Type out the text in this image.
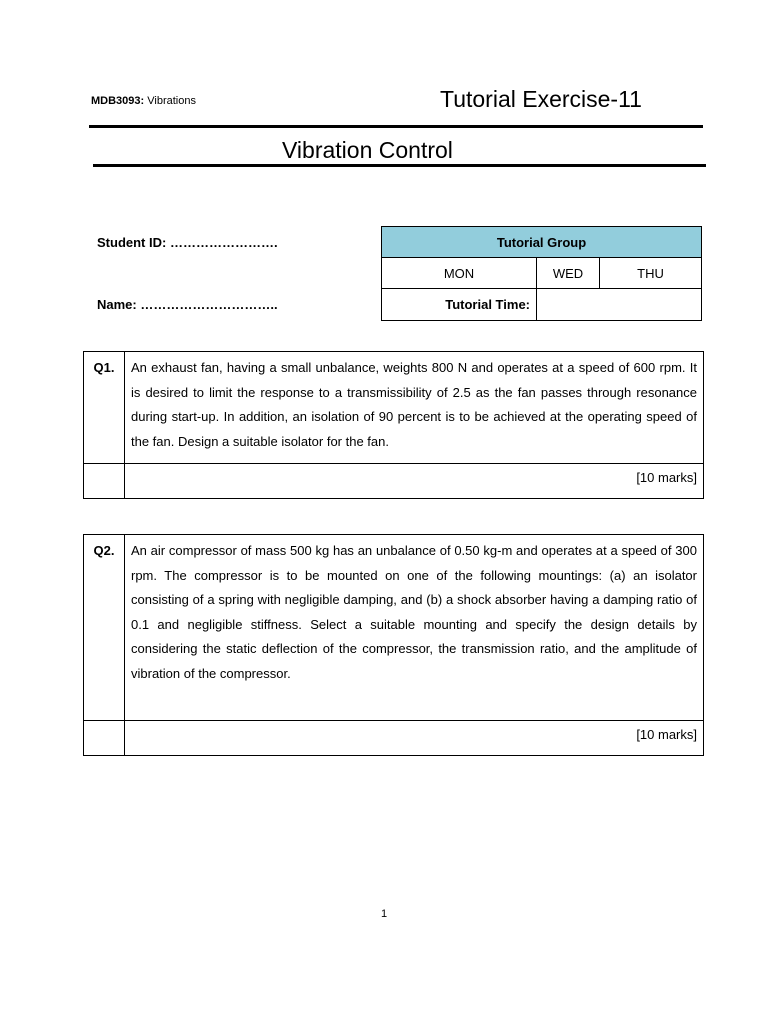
MDB3093: Vibrations	Tutorial Exercise-11
Vibration Control
Student ID: …………………….
Name: …………………………..
Tutorial Group		
MON	WED	THU
Tutorial Time:		
Q1.	An exhaust fan, having a small unbalance, weights 800 N and operates at a speed of 600 rpm. It is desired to limit the response to a transmissibility of 2.5 as the fan passes through resonance during start-up. In addition, an isolation of 90 percent is to be achieved at the operating speed of the fan. Design a suitable isolator for the fan.
	[10 marks]
Q2.	An air compressor of mass 500 kg has an unbalance of 0.50 kg-m and operates at a speed of 300 rpm. The compressor is to be mounted on one of the following mountings: (a) an isolator consisting of a spring with negligible damping, and (b) a shock absorber having a damping ratio of 0.1 and negligible stiffness. Select a suitable mounting and specify the design details by considering the static deflection of the compressor, the transmission ratio, and the amplitude of vibration of the compressor.
	[10 marks]
1
